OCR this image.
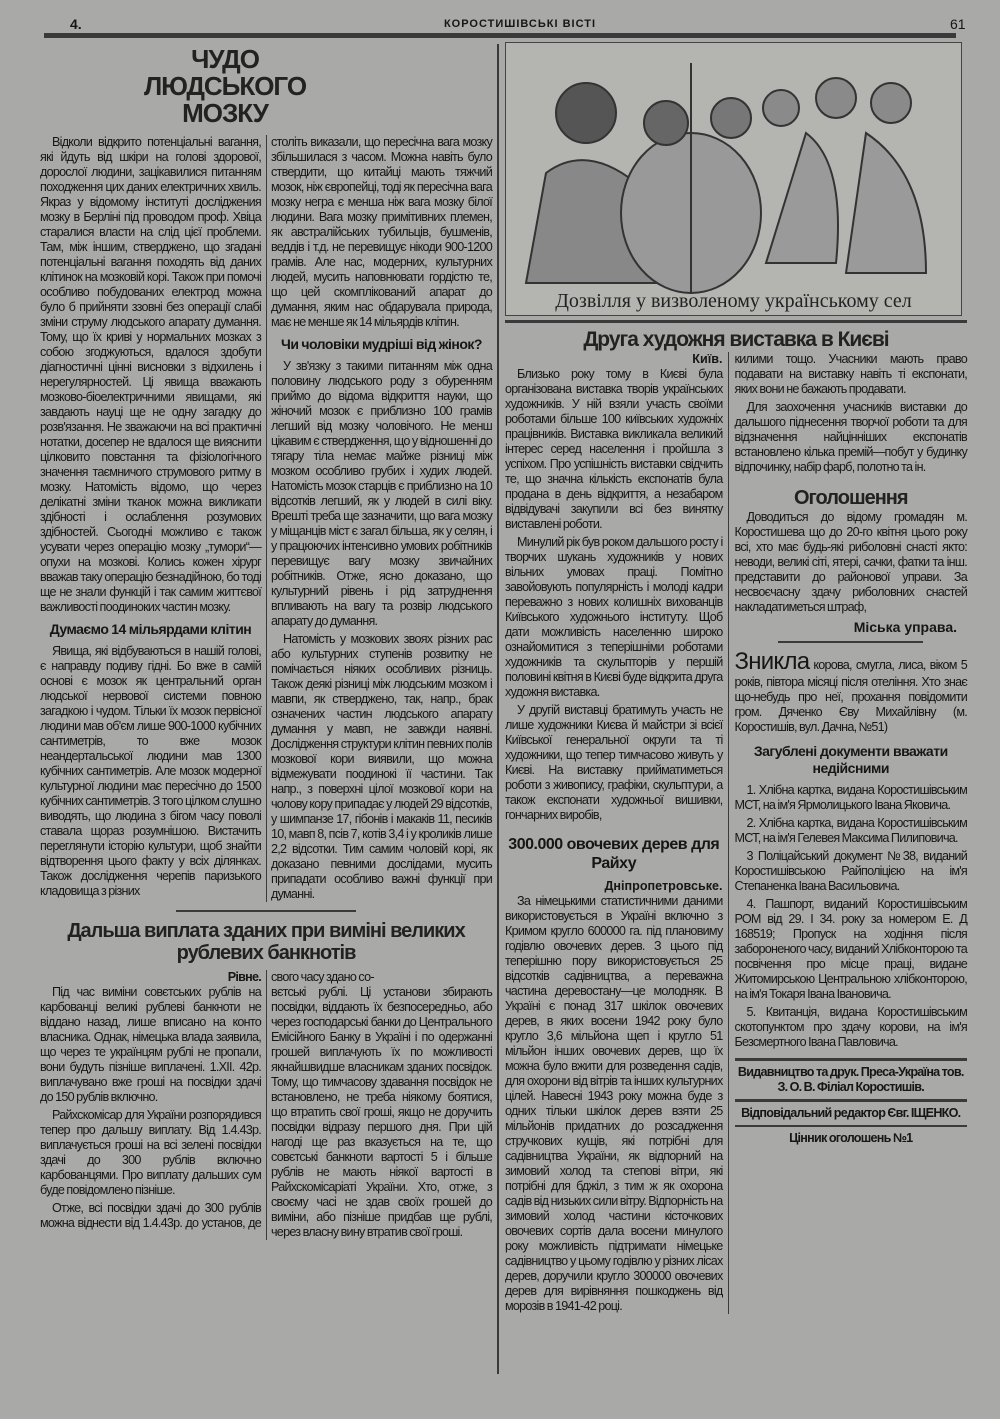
4.	КОРОСТИШІВСЬКІ ВІСТІ	61
ЧУДО ЛЮДСЬКОГО МОЗКУ

Відколи відкрито потенціальні вагання, які йдуть від шкіри на голові здорової, дорослої людини, зацікавилися питанням походження цих даних електричних хвиль. Якраз у відомому інституті досліджения мозку в Берліні під проводом проф. Хвіца старалися власти на слід цієї проблеми. Там, між іншим, стверджено, що згадані потенціальні вагання походять від даних клітинок на мозковій корі. Також при помочі особливо побудованих електрод можна було б прийняти ззовні без операції слабі зміни струму людського апарату думання. Тому, що їх криві у нормальних мозках з собою згоджуються, вдалося здобути діагностичні цінні висновки з відхилень і нерегулярностей. Ці явища вважають мозково-біоелектричними явищами, які завдають науці ще не одну загадку до розв'язання. Не зважаючи на всі практичні нотатки, досепер не вдалося ще вияснити цілковито повстання та фізіологічного значення таємничого струмового ритму в мозку. Натомість відомо, що через делікатні зміни тканок можна викликати здібності і ослаблення розумових здібностей. Сьогодні можливо є також усувати через операцію мозку „тумори“—опухи на мозкові. Колись кожен хірург вважав таку операцію безнадійною, бо тоді ще не знали функцій і так самим життєвої важливості поодиноких частин мозку.

Думаємо 14 мільярдами клітин

Явища, які відбуваються в нашій голові, є направду подиву гідні. Бо вже в самій основі є мозок як центральний орган людської нервової системи повною загадкою і чудом. Тільки їх мозок первісної людини мав об'єм лише 900-1000 кубічних сантиметрів, то вже мозок неандертальської людини мав 1300 кубічних сантиметрів. Але мозок модерної культурної людини має пересічно до 1500 кубічних сантиметрів. З того цілком слушно виводять, що людина з бігом часу поволі ставала щораз розумнішою. Вистачить переглянути історію культури, щоб знайти відтворення цього факту у всіх ділянках. Також дослідження черепів паризького кладовища з різних

століть виказали, що пересічна вага мозку збільшилася з часом. Можна навіть було ствердити, що китайці мають тяжчий мозок, ніж європейці, тоді як пересічна вага мозку негра є менша ніж вага мозку білої людини. Вага мозку примітивних племен, як австралійських тубильців, бушменів, веддів і т.д. не перевищує нікоди 900-1200 грамів. Але нас, модерних, культурних людей, мусить наповнювати гордістю те, що цей скомплікований апарат до думання, яким нас обдарувала природа, має не менше як 14 мільярдів клітин.

Чи чоловіки мудріші від жінок?

У зв'язку з такими питанням між одна половину людського роду з обуренням приймо до відома відкриття науки, що жіночий мозок є приблизно 100 грамів легший від мозку чоловічого. Не менш цікавим є ствердження, що у відношенні до тягару тіла немає майже різниці між мозком особливо грубих і худих людей. Натомість мозок старців є приблизно на 10 відсотків легший, як у людей в силі віку. Врешті треба ще зазначити, що вага мозку у міщанців міст є загал більша, як у селян, і у працюючих інтенсивно умових робітників перевищує вагу мозку звичайних робітників. Отже, ясно доказано, що культурний рівень і рід затруднення впливають на вагу та розвір людського апарату до думання.

Натомість у мозкових звоях різних рас або культурних ступенів розвитку не помічається ніяких особливих різниць. Також деякі різниці між людським мозком і мавпи, як стверджено, так, напр., брак означених частин людського апарату думання у мавп, не завжди наявні. Дослідження структури клітин певних полів мозкової кори виявили, що можна відмежувати поодинокі її частини. Так напр., з поверхні цілої мозкової кори на чолову кору припадає у людей 29 відсотків, у шимпанзе 17, гібонів і макаків 11, песиків 10, мавп 8, псів 7, котів 3,4 і у кроликів лише 2,2 відсотки. Тим самим чоловій корі, як доказано певними дослідами, мусить припадати особливо важні функції при думанні.

Дальша виплата зданих при виміні великих рублевих банкнотів
Рівне.

Під час виміни совєтських рублів на карбованці великі рублеві банкноти не віддано назад, лише вписано на конто власника. Однак, німецька влада заявила, що через те українцям рублі не пропали, вони будуть пізніше виплачені. 1.XII. 42р. виплачувано вже гроші на посвідки здачі до 150 рублів включно.

Райхскомісар для України розпорядився тепер про дальшу виплату. Від 1.4.43р. виплачується гроші на всі зелені посвідки здачі до 300 рублів включно карбованцями. Про виплату дальших сум буде повідомлено пізніше.

Отже, всі посвідки здачі до 300 рублів можна віднести від 1.4.43р. до установ, де свого часу здано со-

вєтські рублі. Ці установи збирають посвідки, віддають їх безпосередньо, або через господарські банки до Центрального Емісійного Банку в Україні і по одержанні грошей виплачують їх по можливості якнайшвидше власникам зданих посвідок. Тому, що тимчасову здавання посвідок не встановлено, не треба ніякому боятися, що втратить свої гроші, якщо не доручить посвідки відразу першого дня. При цій нагоді ще раз вказується на те, що совєтські банкноти вартості 5 і більше рублів не мають ніякої вартості в Райхскомісаріаті України. Хто, отже, з своєму часі не здав своїх грошей до виміни, або пізніше придбав ще рублі, через власну вину втратив свої гроші.

Дозвілля у визволеному українському сел
Друга художня виставка в Києві
Київ.

Близько року тому в Києві була організована виставка творів українських художників. У ній взяли участь своїми роботами більше 100 київських художніх працівників. Виставка викликала великий інтерес серед населення і пройшла з успіхом. Про успішність виставки свідчить те, що значна кількість експонатів була продана в день відкриття, а незабаром відвідувачі закупили всі без винятку виставлені роботи.

Минулий рік був роком дальшого росту і творчих шукань художників у нових вільних умовах праці. Помітно завойовують популярність і молоді кадри переважно з нових колишніх вихованців Київського художнього інституту. Щоб дати можливість населенню широко ознайомитися з теперішніми роботами художників та скульпторів у першій половині квітня в Києві буде відкрита друга художня виставка.

У другій виставці братимуть участь не лише художники Києва й майстри зі всієї Київської генеральної округи та ті художники, що тепер тимчасово живуть у Києві. На виставку прийматиметься роботи з живопису, графіки, скульптури, а також експонати художньої вишивки, гончарних виробів,

300.000 овочевих дерев для Райху
Дніпропетровське.

За німецькими статистичними даними використовується в Україні включно з Кримом круглo 600000 га. під плановиму годівлю овочевих дерев. З цього під теперішню пору використовується 25 відсотків садівництва, а переважна частина деревостану—це молодняк. В Україні є понад 317 шкілок овочевих дерев, в яких восени 1942 року було кругло 3,6 мільйона щеп і кругло 51 мільйон інших овочевих дерев, що їх можна було вжити для розведення садів, для охорони від вітрів та інших культурних цілей. Навесні 1943 року можна буде з одних тільки шкілок дерев взяти 25 мільйонів придатних до розсадження стручкових кущів, які потрібні для садівництва України, як відпорний на зимовий холод та степові вітри, які потрібні для бджіл, з тим ж як охорона садів від низьких сили вітру. Відпорність на зимовий холод частини кісточкових овочевих сортів дала восени минулого року можливість підтримати німецьке садівництво у цьому годівлю у різних ліcах дерев, доручили кругло 300000 овочевих дерев для вирівняння пошкоджень від морозів в 1941-42 році.

килими тощо. Учасники мають право подавати на виставку навіть ті експонати, яких вони не бажають продавати.

Для заохочення учасників виставки до дальшого піднесення творчої роботи та для відзначення найцінніших експонатів встановлено кілька премій—побут у будинку відпочинку, набір фарб, полотно та ін.

Оголошення

Доводиться до відому громадян м. Коростишева що до 20-го квітня цього року всі, хто має будь-які риболовні снасті якто: неводи, великі сіті, ятері, сачки, фатки та інш. представити до районової управи. За несвоєчасну здачу риболовних снастей накладатиметься штраф,

Міська управа.
Зникла корова, смугла, лиса, віком 5 років, півтора місяці після отеління. Хто знає що-небудь про неї, прохання повідомити гром. Дяченко Єву Михайлівну (м. Коростишів, вул. Дачна, №51)
Загублені документи вважати недійсними

1. Хлібна картка, видана Коростишівським МСТ, на ім'я Ярмолицького Івана Яковича.

2. Хлібна картка, видана Коростишівським МСТ, на ім'я Гелевея Максима Пилиповича.

3 Поліцайський документ №38, виданий Коростишівською Райполіцією на ім'я Степаненка Івана Васильовича.

4. Пашпорт, виданий Коростишівським РОМ від 29. І 34. року за номером Е. Д 168519; Пропуск на ходіння після забороненого часу, виданий Хлібконторою та посвічення про місце праці, видане Житомирською Центральною хлібконторою, на ім'я Токаря Івана Івановича.

5. Квитанція, видана Коростишівським скотопунктом про здачу корови, на ім'я Безсмертного Івана Павловича.

Видавництво та друк. Преса-Україна тов. З. О. В. Філіал Коростишів.
Відповідальний редактор Євг. ІЩЕНКО.
Цінник оголошень №1
